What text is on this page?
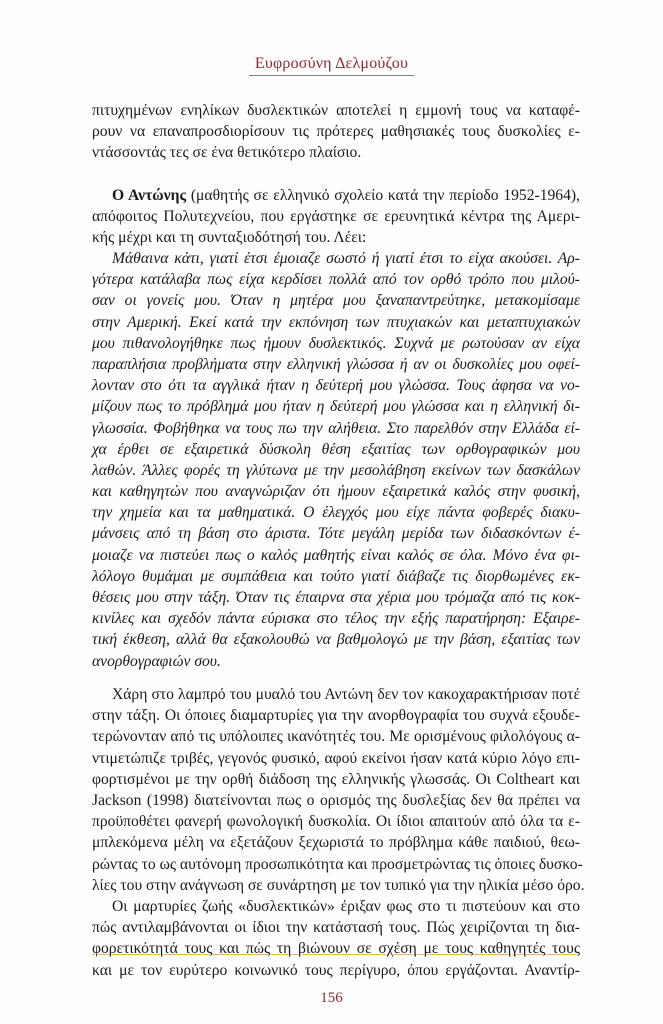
Ευφροσύνη Δελμούζου
πιτυχημένων ενηλίκων δυσλεκτικών αποτελεί η εμμονή τους να καταφέ-
ρουν να επαναπροσδιορίσουν τις πρότερες μαθησιακές τους δυσκολίες ε-
ντάσσοντάς τες σε ένα θετικότερο πλαίσιο.
Ο Αντώνης (μαθητής σε ελληνικό σχολείο κατά την περίοδο 1952-1964),
απόφοιτος Πολυτεχνείου, που εργάστηκε σε ερευνητικά κέντρα της Αμερι-
κής μέχρι και τη συνταξιοδότησή του. Λέει:
Μάθαινα κάτι, γιατί έτσι έμοιαζε σωστό ή γιατί έτσι το είχα ακούσει. Αρ-
γότερα κατάλαβα πως είχα κερδίσει πολλά από τον ορθό τρόπο που μιλού-
σαν οι γονείς μου. Όταν η μητέρα μου ξαναπαντρεύτηκε, μετακομίσαμε
στην Αμερική. Εκεί κατά την εκπόνηση των πτυχιακών και μεταπτυχιακών
μου πιθανολογήθηκε πως ήμουν δυσλεκτικός. Συχνά με ρωτούσαν αν είχα
παραπλήσια προβλήματα στην ελληνική γλώσσα ή αν οι δυσκολίες μου οφεί-
λονταν στο ότι τα αγγλικά ήταν η δεύτερή μου γλώσσα. Τους άφησα να νο-
μίζουν πως το πρόβλημά μου ήταν η δεύτερή μου γλώσσα και η ελληνική δι-
γλωσσία. Φοβήθηκα να τους πω την αλήθεια. Στο παρελθόν στην Ελλάδα εί-
χα έρθει σε εξαιρετικά δύσκολη θέση εξαιτίας των ορθογραφικών μου
λαθών. Άλλες φορές τη γλύτωνα με την μεσολάβηση εκείνων των δασκάλων
και καθηγητών που αναγνώριζαν ότι ήμουν εξαιρετικά καλός στην φυσική,
την χημεία και τα μαθηματικά. Ο έλεγχός μου είχε πάντα φοβερές διακυ-
μάνσεις από τη βάση στο άριστα. Τότε μεγάλη μερίδα των διδασκόντων έ-
μοιαζε να πιστεύει πως ο καλός μαθητής είναι καλός σε όλα. Μόνο ένα φι-
λόλογο θυμάμαι με συμπάθεια και τούτο γιατί διάβαζε τις διορθωμένες εκ-
θέσεις μου στην τάξη. Όταν τις έπαιρνα στα χέρια μου τρόμαζα από τις κοκ-
κινίλες και σχεδόν πάντα εύρισκα στο τέλος την εξής παρατήρηση: Εξαιρε-
τική έκθεση, αλλά θα εξακολουθώ να βαθμολογώ με την βάση, εξαιτίας των
ανορθογραφιών σου.
Χάρη στο λαμπρό του μυαλό του Αντώνη δεν τον κακοχαρακτήρισαν ποτέ
στην τάξη. Οι όποιες διαμαρτυρίες για την ανορθογραφία του συχνά εξουδε-
τερώνονταν από τις υπόλοιπες ικανότητές του. Με ορισμένους φιλολόγους α-
ντιμετώπιζε τριβές, γεγονός φυσικό, αφού εκείνοι ήσαν κατά κύριο λόγο επι-
φορτισμένοι με την ορθή διάδοση της ελληνικής γλωσσάς. Οι Coltheart και
Jackson (1998) διατείνονται πως ο ορισμός της δυσλεξίας δεν θα πρέπει να
προϋποθέτει φανερή φωνολογική δυσκολία. Οι ίδιοι απαιτούν από όλα τα ε-
μπλεκόμενα μέλη να εξετάζουν ξεχωριστά το πρόβλημα κάθε παιδιού, θεω-
ρώντας το ως αυτόνομη προσωπικότητα και προσμετρώντας τις όποιες δυσκο-
λίες του στην ανάγνωση σε συνάρτηση με τον τυπικό για την ηλικία μέσο όρο.
Οι μαρτυρίες ζωής «δυσλεκτικών» έριξαν φως στο τι πιστεύουν και στο
πώς αντιλαμβάνονται οι ίδιοι την κατάστασή τους. Πώς χειρίζονται τη δια-
φορετικότητά τους και πώς τη βιώνουν σε σχέση με τους καθηγητές τους
και με τον ευρύτερο κοινωνικό τους περίγυρο, όπου εργάζονται. Αναντίρ-
156
